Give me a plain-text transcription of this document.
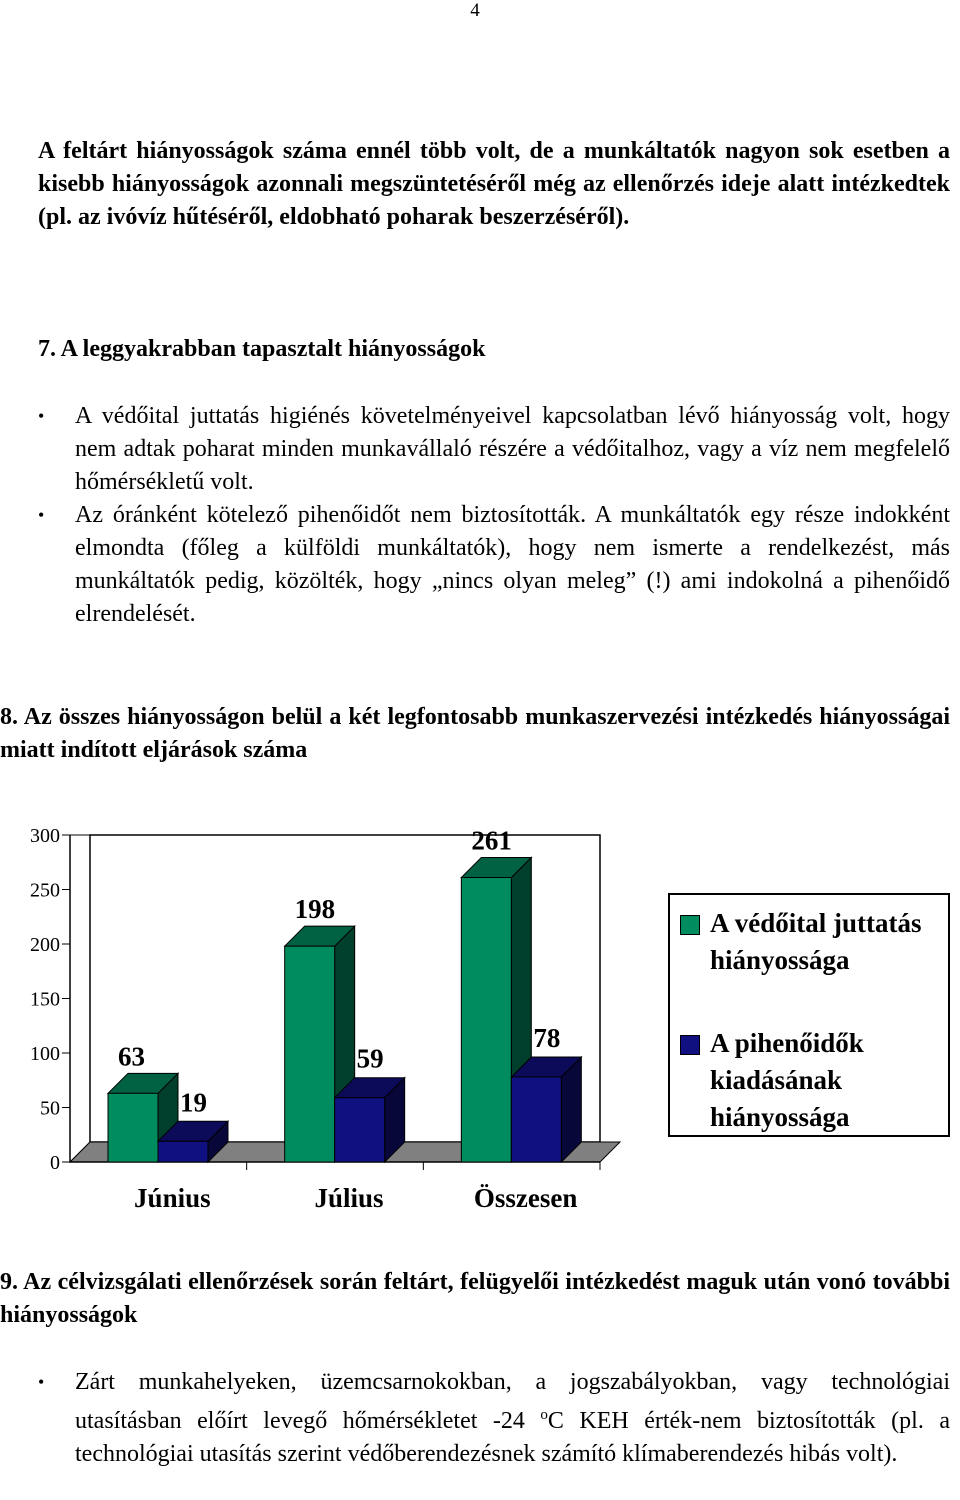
4
A feltárt hiányosságok száma ennél több volt, de a munkáltatók nagyon sok esetben a kisebb hiányosságok azonnali megszüntetéséről még az ellenőrzés ideje alatt intézkedtek (pl. az ivóvíz hűtéséről, eldobható poharak beszerzéséről).
7. A leggyakrabban tapasztalt hiányosságok
• A védőital juttatás higiénés követelményeivel kapcsolatban lévő hiányosság volt, hogy nem adtak poharat minden munkavállaló részére a védőitalhoz, vagy a víz nem megfelelő hőmérsékletű volt.
• Az óránként kötelező pihenőidőt nem biztosították. A munkáltatók egy része indokként elmondta (főleg a külföldi munkáltatók), hogy nem ismerte a rendelkezést, más munkáltatók pedig, közölték, hogy „nincs olyan meleg” (!) ami indokolná a pihenőidő elrendelését.
8. Az összes hiányosságon belül a két legfontosabb munkaszervezési intézkedés hiányosságai miatt indított eljárások száma
0
50
100
150
200
250
300
63
19
Június
198
59
Július
261
78
Összesen
A védőital juttatás hiányossága
A pihenőidők kiadásának hiányossága
9. Az célvizsgálati ellenőrzések során feltárt, felügyelői intézkedést maguk után vonó további hiányosságok
• Zárt munkahelyeken, üzemcsarnokokban, a jogszabályokban, vagy technológiai utasításban előírt levegő hőmérsékletet -24 $^o$C KEH érték-nem biztosították (pl. a technológiai utasítás szerint védőberendezésnek számító klímaberendezés hibás volt).
